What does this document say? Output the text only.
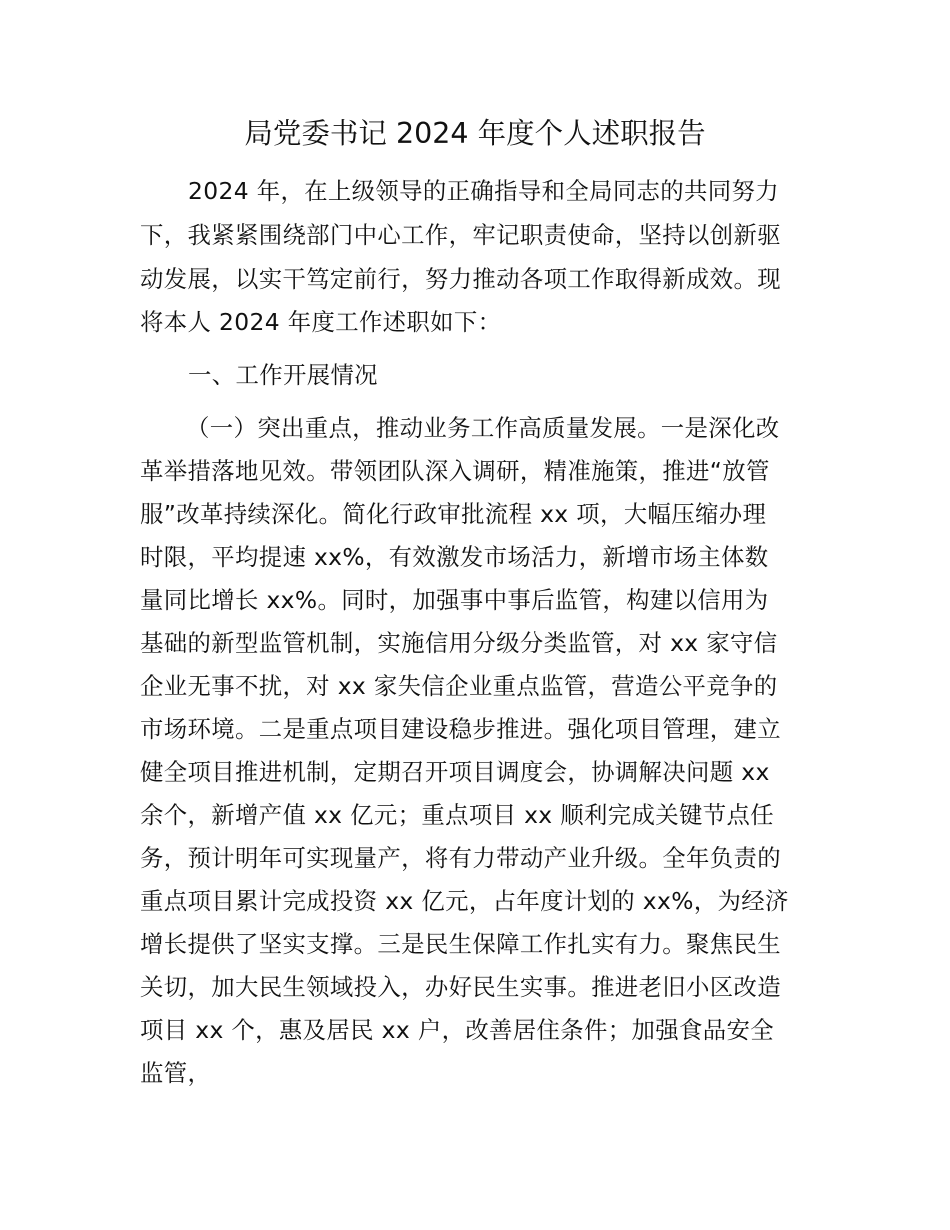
局党委书记 2024 年度个人述职报告
2024 年，在上级领导的正确指导和全局同志的共同努力
下，我紧紧围绕部门中心工作，牢记职责使命，坚持以创新驱
动发展，以实干笃定前行，努力推动各项工作取得新成效。现
将本人 2024 年度工作述职如下：
一、工作开展情况
（一）突出重点，推动业务工作高质量发展。一是深化改
革举措落地见效。带领团队深入调研，精准施策，推进“放管
服”改革持续深化。简化行政审批流程 xx 项，大幅压缩办理
时限，平均提速 xx%，有效激发市场活力，新增市场主体数
量同比增长 xx%。同时，加强事中事后监管，构建以信用为
基础的新型监管机制，实施信用分级分类监管，对 xx 家守信
企业无事不扰，对 xx 家失信企业重点监管，营造公平竞争的
市场环境。二是重点项目建设稳步推进。强化项目管理，建立
健全项目推进机制，定期召开项目调度会，协调解决问题 xx
余个，新增产值 xx 亿元；重点项目 xx 顺利完成关键节点任
务，预计明年可实现量产，将有力带动产业升级。全年负责的
重点项目累计完成投资 xx 亿元，占年度计划的 xx%，为经济
增长提供了坚实支撑。三是民生保障工作扎实有力。聚焦民生
关切，加大民生领域投入，办好民生实事。推进老旧小区改造
项目 xx 个，惠及居民 xx 户，改善居住条件；加强食品安全
监管，
